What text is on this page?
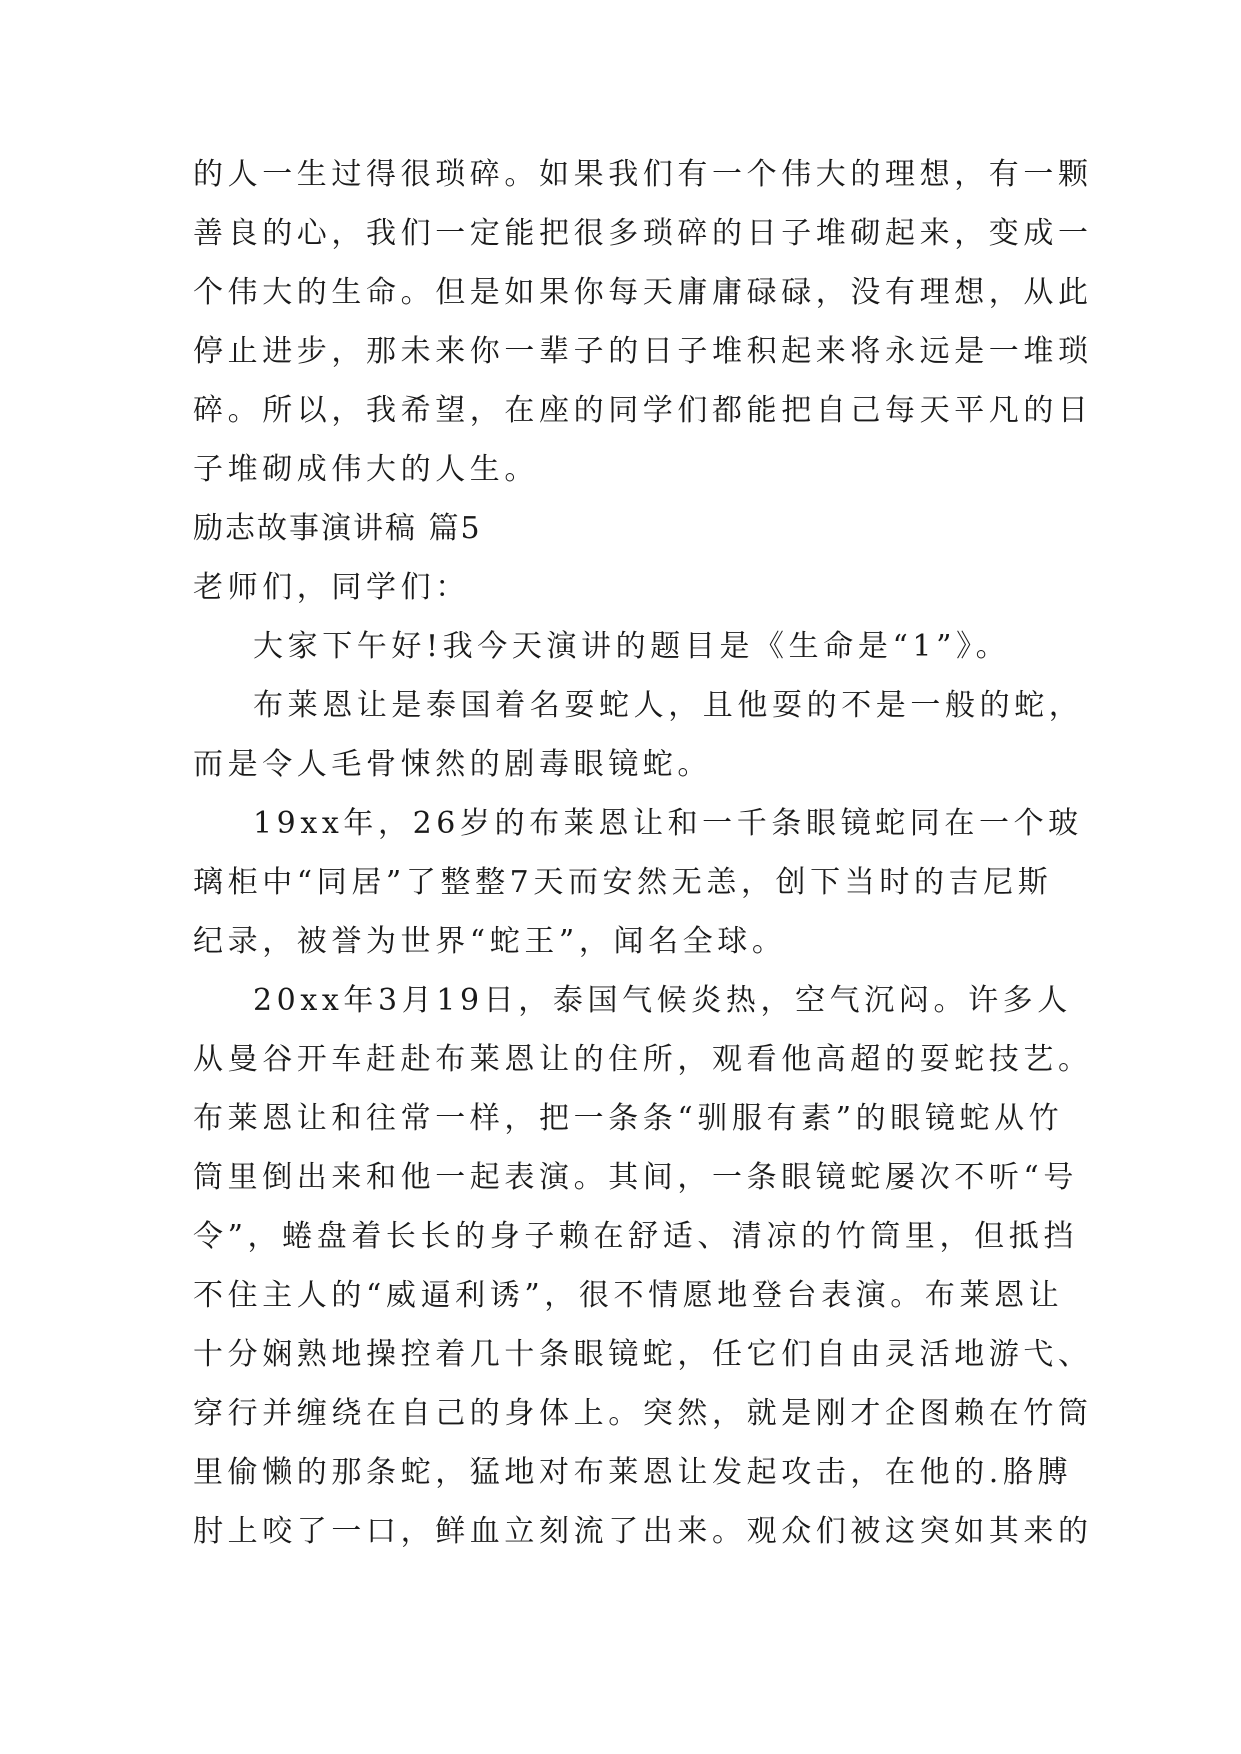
的人一生过得很琐碎。如果我们有一个伟大的理想，有一颗
善良的心，我们一定能把很多琐碎的日子堆砌起来，变成一
个伟大的生命。但是如果你每天庸庸碌碌，没有理想，从此
停止进步，那未来你一辈子的日子堆积起来将永远是一堆琐
碎。所以，我希望，在座的同学们都能把自己每天平凡的日
子堆砌成伟大的人生。
励志故事演讲稿 篇5
老师们，同学们：
大家下午好!我今天演讲的题目是《生命是“1”》。
布莱恩让是泰国着名耍蛇人，且他耍的不是一般的蛇，
而是令人毛骨悚然的剧毒眼镜蛇。
19xx年，26岁的布莱恩让和一千条眼镜蛇同在一个玻
璃柜中“同居”了整整7天而安然无恙，创下当时的吉尼斯
纪录，被誉为世界“蛇王”，闻名全球。
20xx年3月19日，泰国气候炎热，空气沉闷。许多人
从曼谷开车赶赴布莱恩让的住所，观看他高超的耍蛇技艺。
布莱恩让和往常一样，把一条条“驯服有素”的眼镜蛇从竹
筒里倒出来和他一起表演。其间，一条眼镜蛇屡次不听“号
令”，蜷盘着长长的身子赖在舒适、清凉的竹筒里，但抵挡
不住主人的“威逼利诱”，很不情愿地登台表演。布莱恩让
十分娴熟地操控着几十条眼镜蛇，任它们自由灵活地游弋、
穿行并缠绕在自己的身体上。突然，就是刚才企图赖在竹筒
里偷懒的那条蛇，猛地对布莱恩让发起攻击，在他的.胳膊
肘上咬了一口，鲜血立刻流了出来。观众们被这突如其来的
